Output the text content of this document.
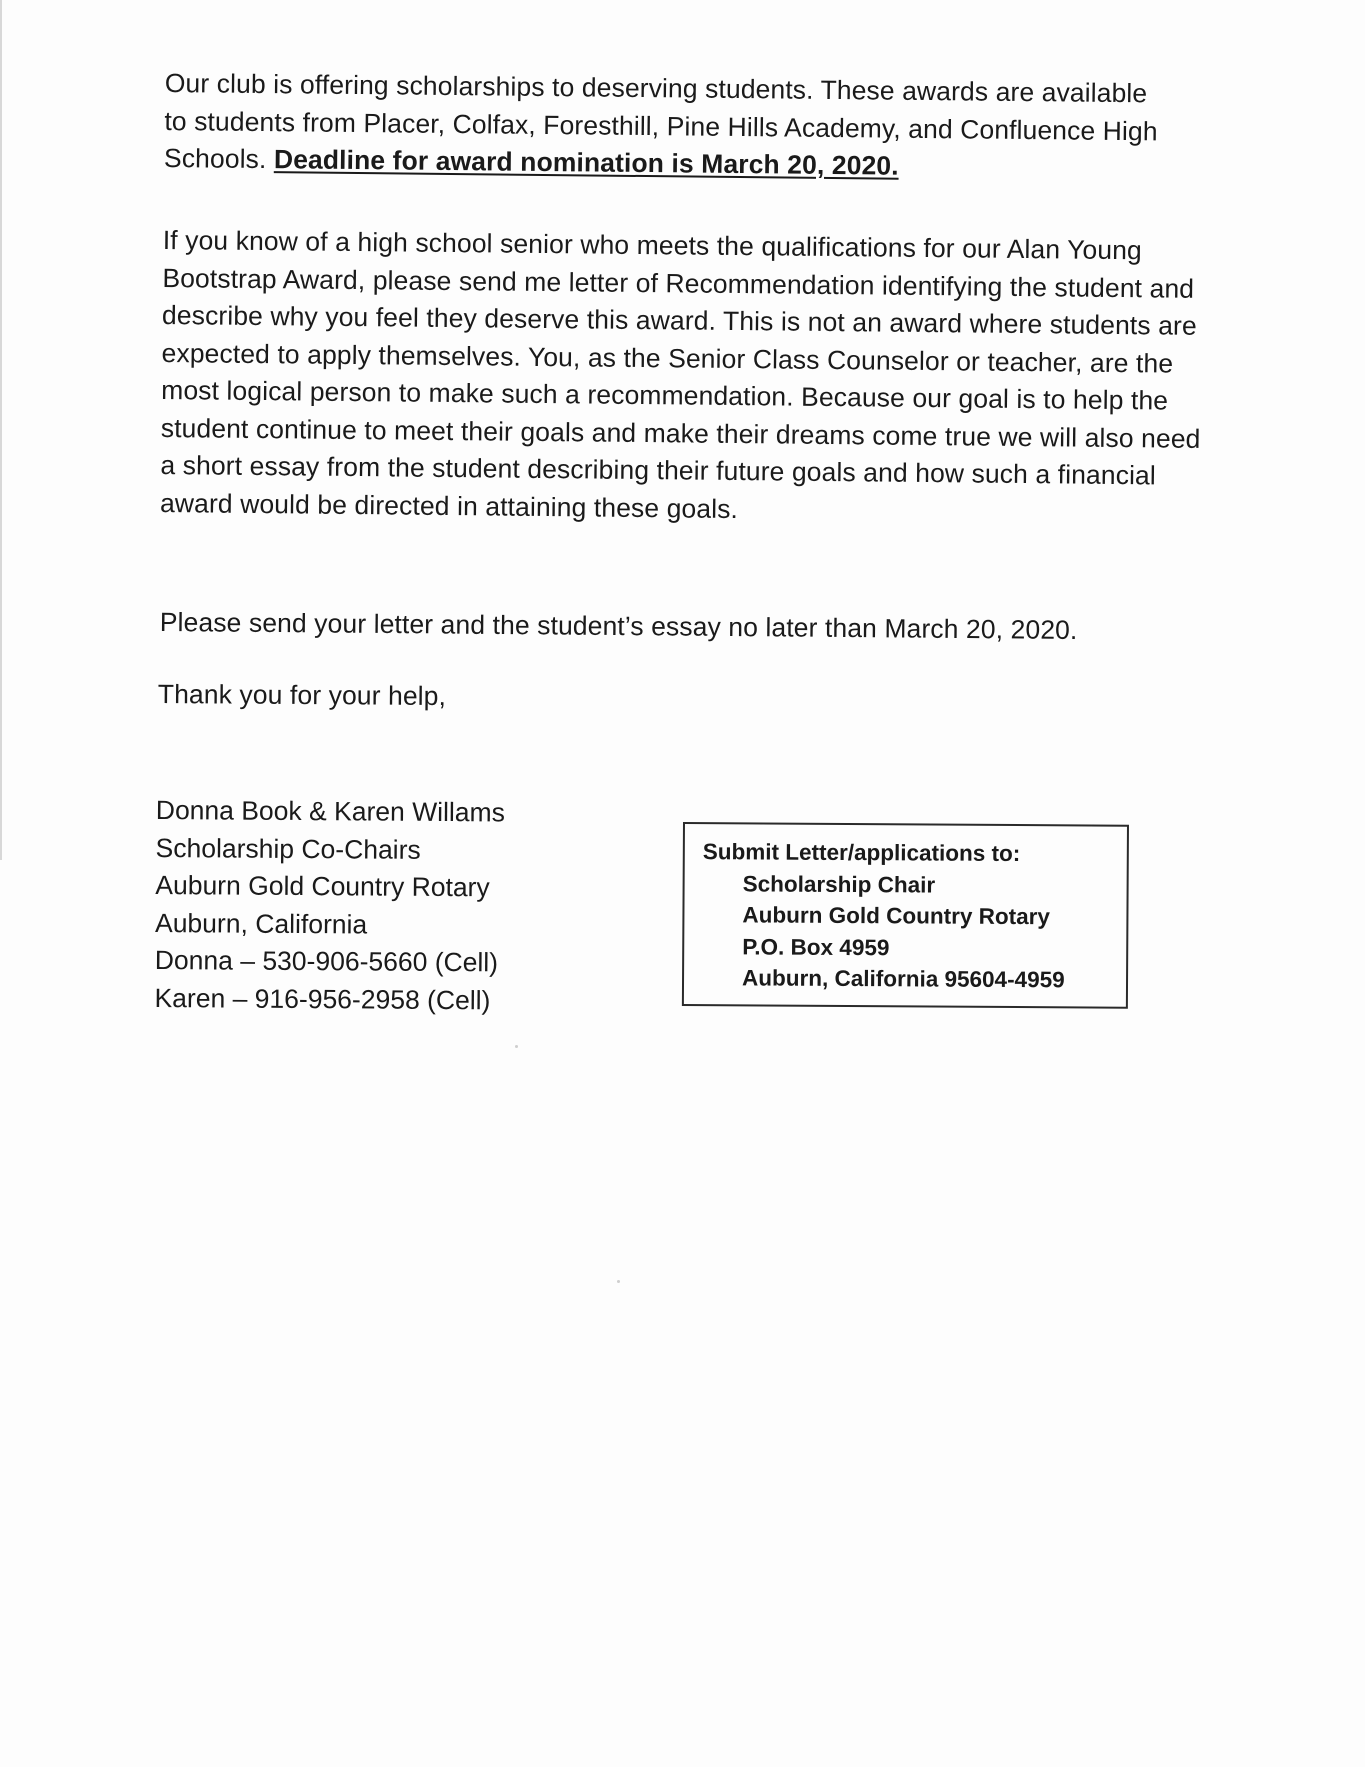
Our club is offering scholarships to deserving students. These awards are available to students from Placer, Colfax, Foresthill, Pine Hills Academy, and Confluence High Schools. Deadline for award nomination is March 20, 2020.

If you know of a high school senior who meets the qualifications for our Alan Young Bootstrap Award, please send me letter of Recommendation identifying the student and describe why you feel they deserve this award. This is not an award where students are expected to apply themselves. You, as the Senior Class Counselor or teacher, are the most logical person to make such a recommendation. Because our goal is to help the student continue to meet their goals and make their dreams come true we will also need a short essay from the student describing their future goals and how such a financial award would be directed in attaining these goals.

Please send your letter and the student’s essay no later than March 20, 2020.

Thank you for your help,

Donna Book & Karen Willams
Scholarship Co-Chairs
Auburn Gold Country Rotary
Auburn, California
Donna – 530-906-5660 (Cell)
Karen – 916-956-2958 (Cell)
Submit Letter/applications to:
Scholarship Chair
Auburn Gold Country Rotary
P.O. Box 4959
Auburn, California 95604-4959
